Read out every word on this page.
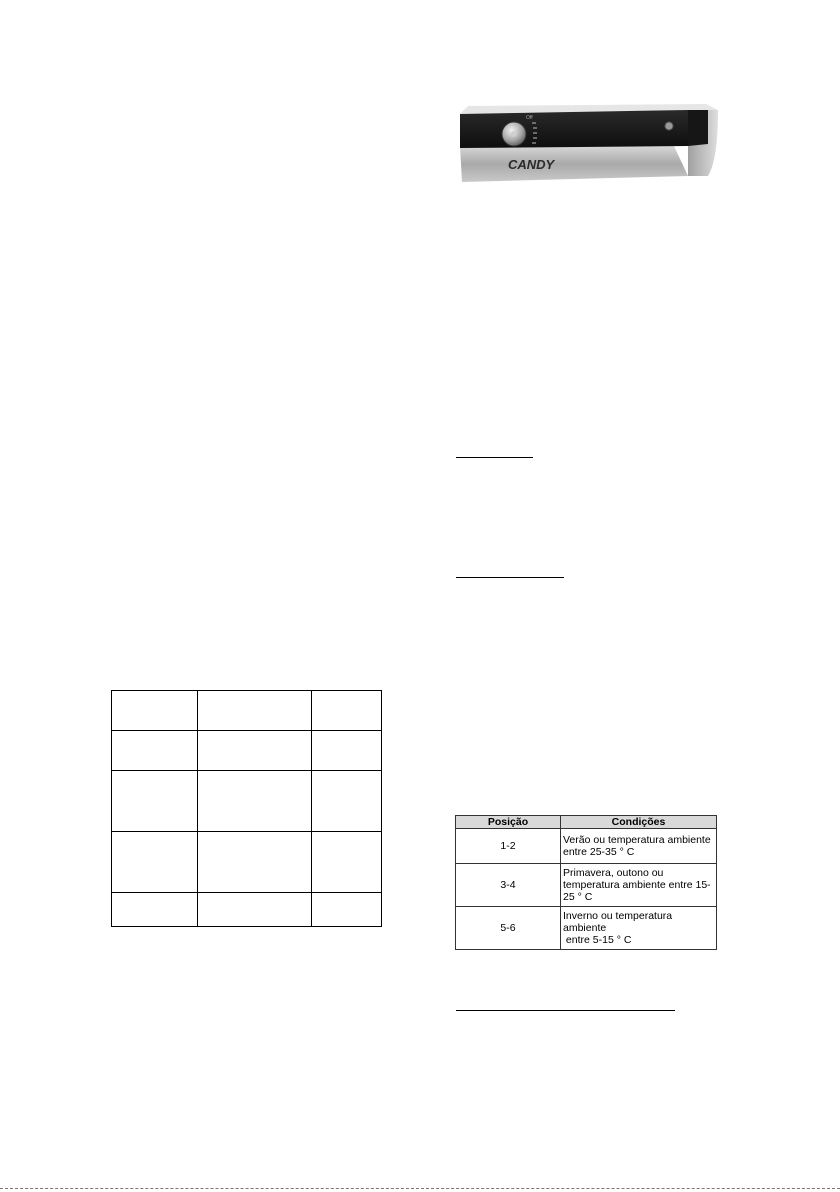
Off
CANDY

Posição	Condições
1-2	Verão ou temperatura ambiente
entre 25-35 ° C
3-4	Primavera, outono ou
temperatura ambiente entre 15-
25 ° C
5-6	Inverno ou temperatura
ambiente
entre 5-15 ° C
